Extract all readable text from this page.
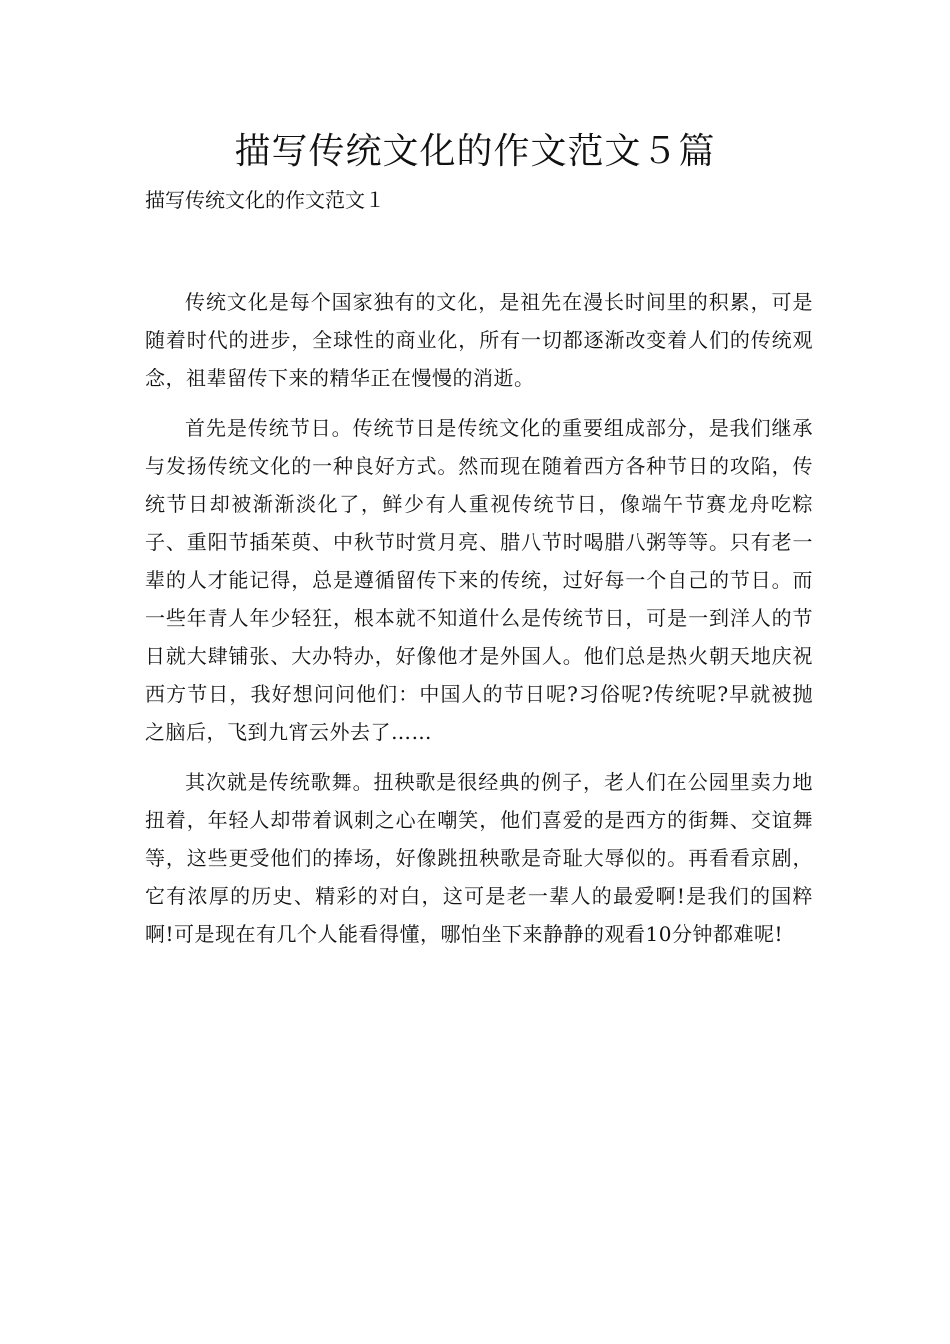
描写传统文化的作文范文５篇

描写传统文化的作文范文１

传统文化是每个国家独有的文化，是祖先在漫长时间里的积累，可是随着时代的进步，全球性的商业化，所有一切都逐渐改变着人们的传统观念，祖辈留传下来的精华正在慢慢的消逝。

首先是传统节日。传统节日是传统文化的重要组成部分，是我们继承与发扬传统文化的一种良好方式。然而现在随着西方各种节日的攻陷，传统节日却被渐渐淡化了，鲜少有人重视传统节日，像端午节赛龙舟吃粽子、重阳节插茱萸、中秋节时赏月亮、腊八节时喝腊八粥等等。只有老一辈的人才能记得，总是遵循留传下来的传统，过好每一个自己的节日。而一些年青人年少轻狂，根本就不知道什么是传统节日，可是一到洋人的节日就大肆铺张、大办特办，好像他才是外国人。他们总是热火朝天地庆祝西方节日，我好想问问他们：中国人的节日呢?习俗呢?传统呢?早就被抛之脑后，飞到九宵云外去了……

其次就是传统歌舞。扭秧歌是很经典的例子，老人们在公园里卖力地扭着，年轻人却带着讽刺之心在嘲笑，他们喜爱的是西方的街舞、交谊舞等，这些更受他们的捧场，好像跳扭秧歌是奇耻大辱似的。再看看京剧，它有浓厚的历史、精彩的对白，这可是老一辈人的最爱啊!是我们的国粹啊!可是现在有几个人能看得懂，哪怕坐下来静静的观看10分钟都难呢!
